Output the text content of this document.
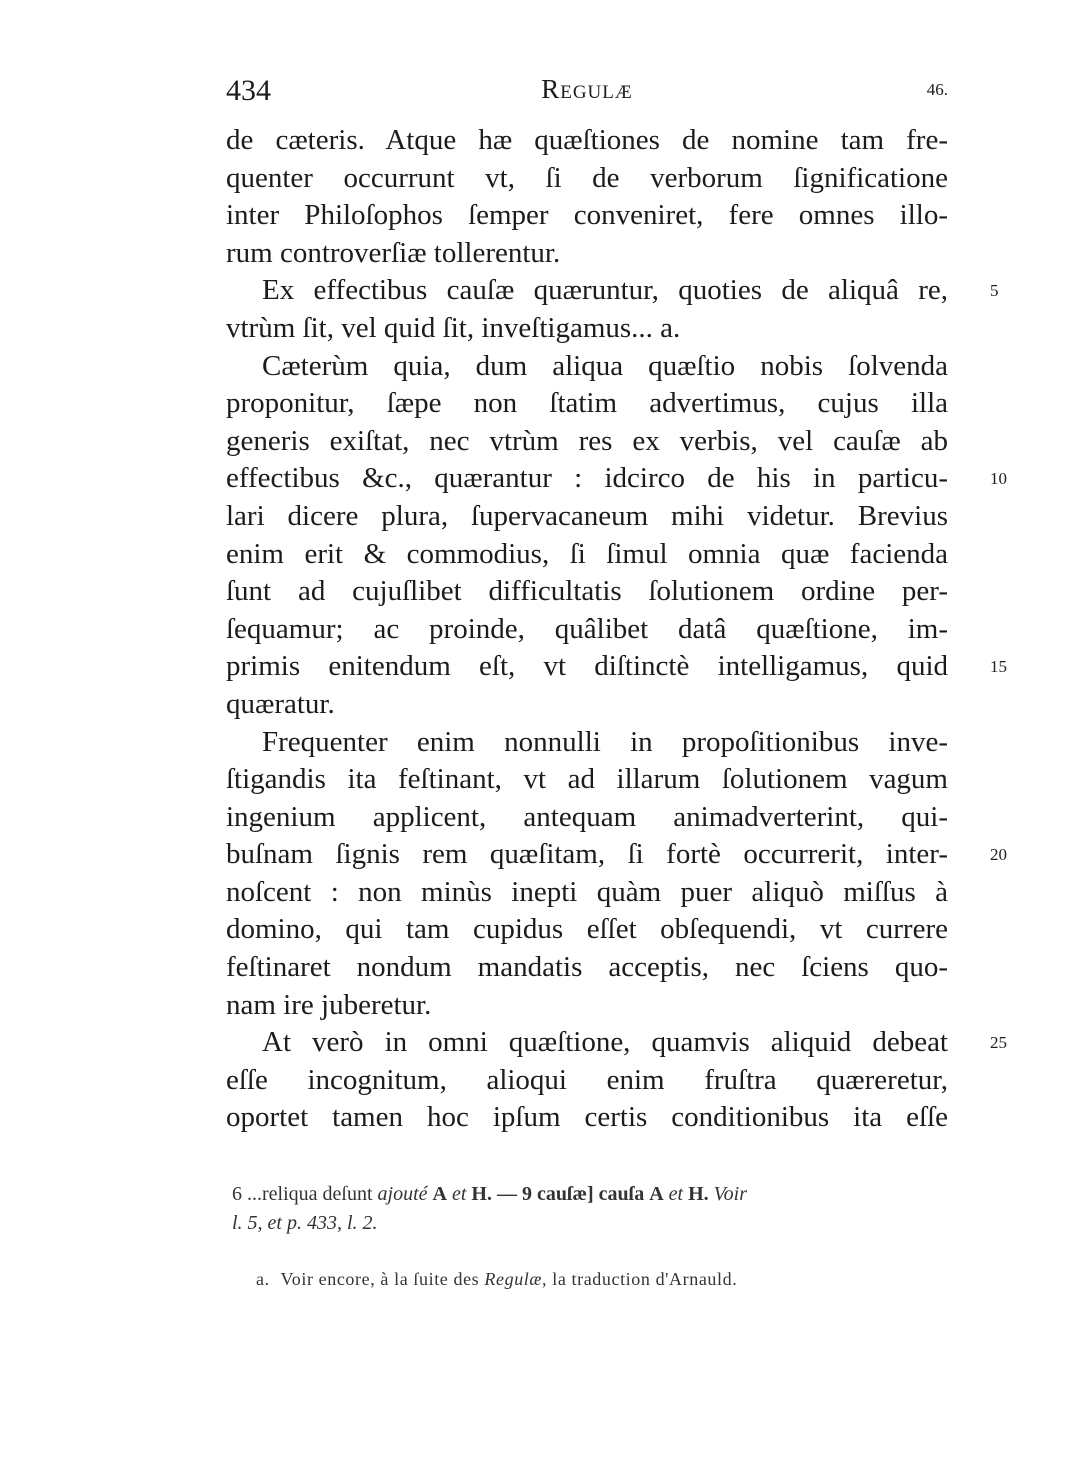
434	Regulæ	46.
de cæteris. Atque hæ quæſtiones de nomine tam fre-
quenter occurrunt vt, ſi de verborum ſignificatione
inter Philoſophos ſemper conveniret, fere omnes illo-
rum controverſiæ tollerentur.
Ex effectibus cauſæ quæruntur, quoties de aliquâ re, 5
vtrùm ſit, vel quid ſit, inveſtigamus... a.
Cæterùm quia, dum aliqua quæſtio nobis ſolvenda
proponitur, ſæpe non ſtatim advertimus, cujus illa
generis exiſtat, nec vtrùm res ex verbis, vel cauſæ ab
effectibus &c., quærantur : idcirco de his in particu- 10
lari dicere plura, ſupervacaneum mihi videtur. Brevius
enim erit & commodius, ſi ſimul omnia quæ facienda
ſunt ad cujuſlibet difficultatis ſolutionem ordine per-
ſequamur; ac proinde, quâlibet datâ quæſtione, im-
primis enitendum eſt, vt diſtinctè intelligamus, quid 15
quæratur.
Frequenter enim nonnulli in propoſitionibus inve-
ſtigandis ita feſtinant, vt ad illarum ſolutionem vagum
ingenium applicent, antequam animadverterint, qui-
buſnam ſignis rem quæſitam, ſi fortè occurrerit, inter- 20
noſcent : non minùs inepti quàm puer aliquò miſſus à
domino, qui tam cupidus eſſet obſequendi, vt currere
feſtinaret nondum mandatis acceptis, nec ſciens quo-
nam ire juberetur.
At verò in omni quæſtione, quamvis aliquid debeat 25
eſſe incognitum, alioqui enim fruſtra quæreretur,
oportet tamen hoc ipſum certis conditionibus ita eſſe
6 ...reliqua deſunt ajouté A et H. — 9 cauſæ] cauſa A et H. Voir
l. 5, et p. 433, l. 2.
a. Voir encore, à la ſuite des Regulæ, la traduction d'Arnauld.
